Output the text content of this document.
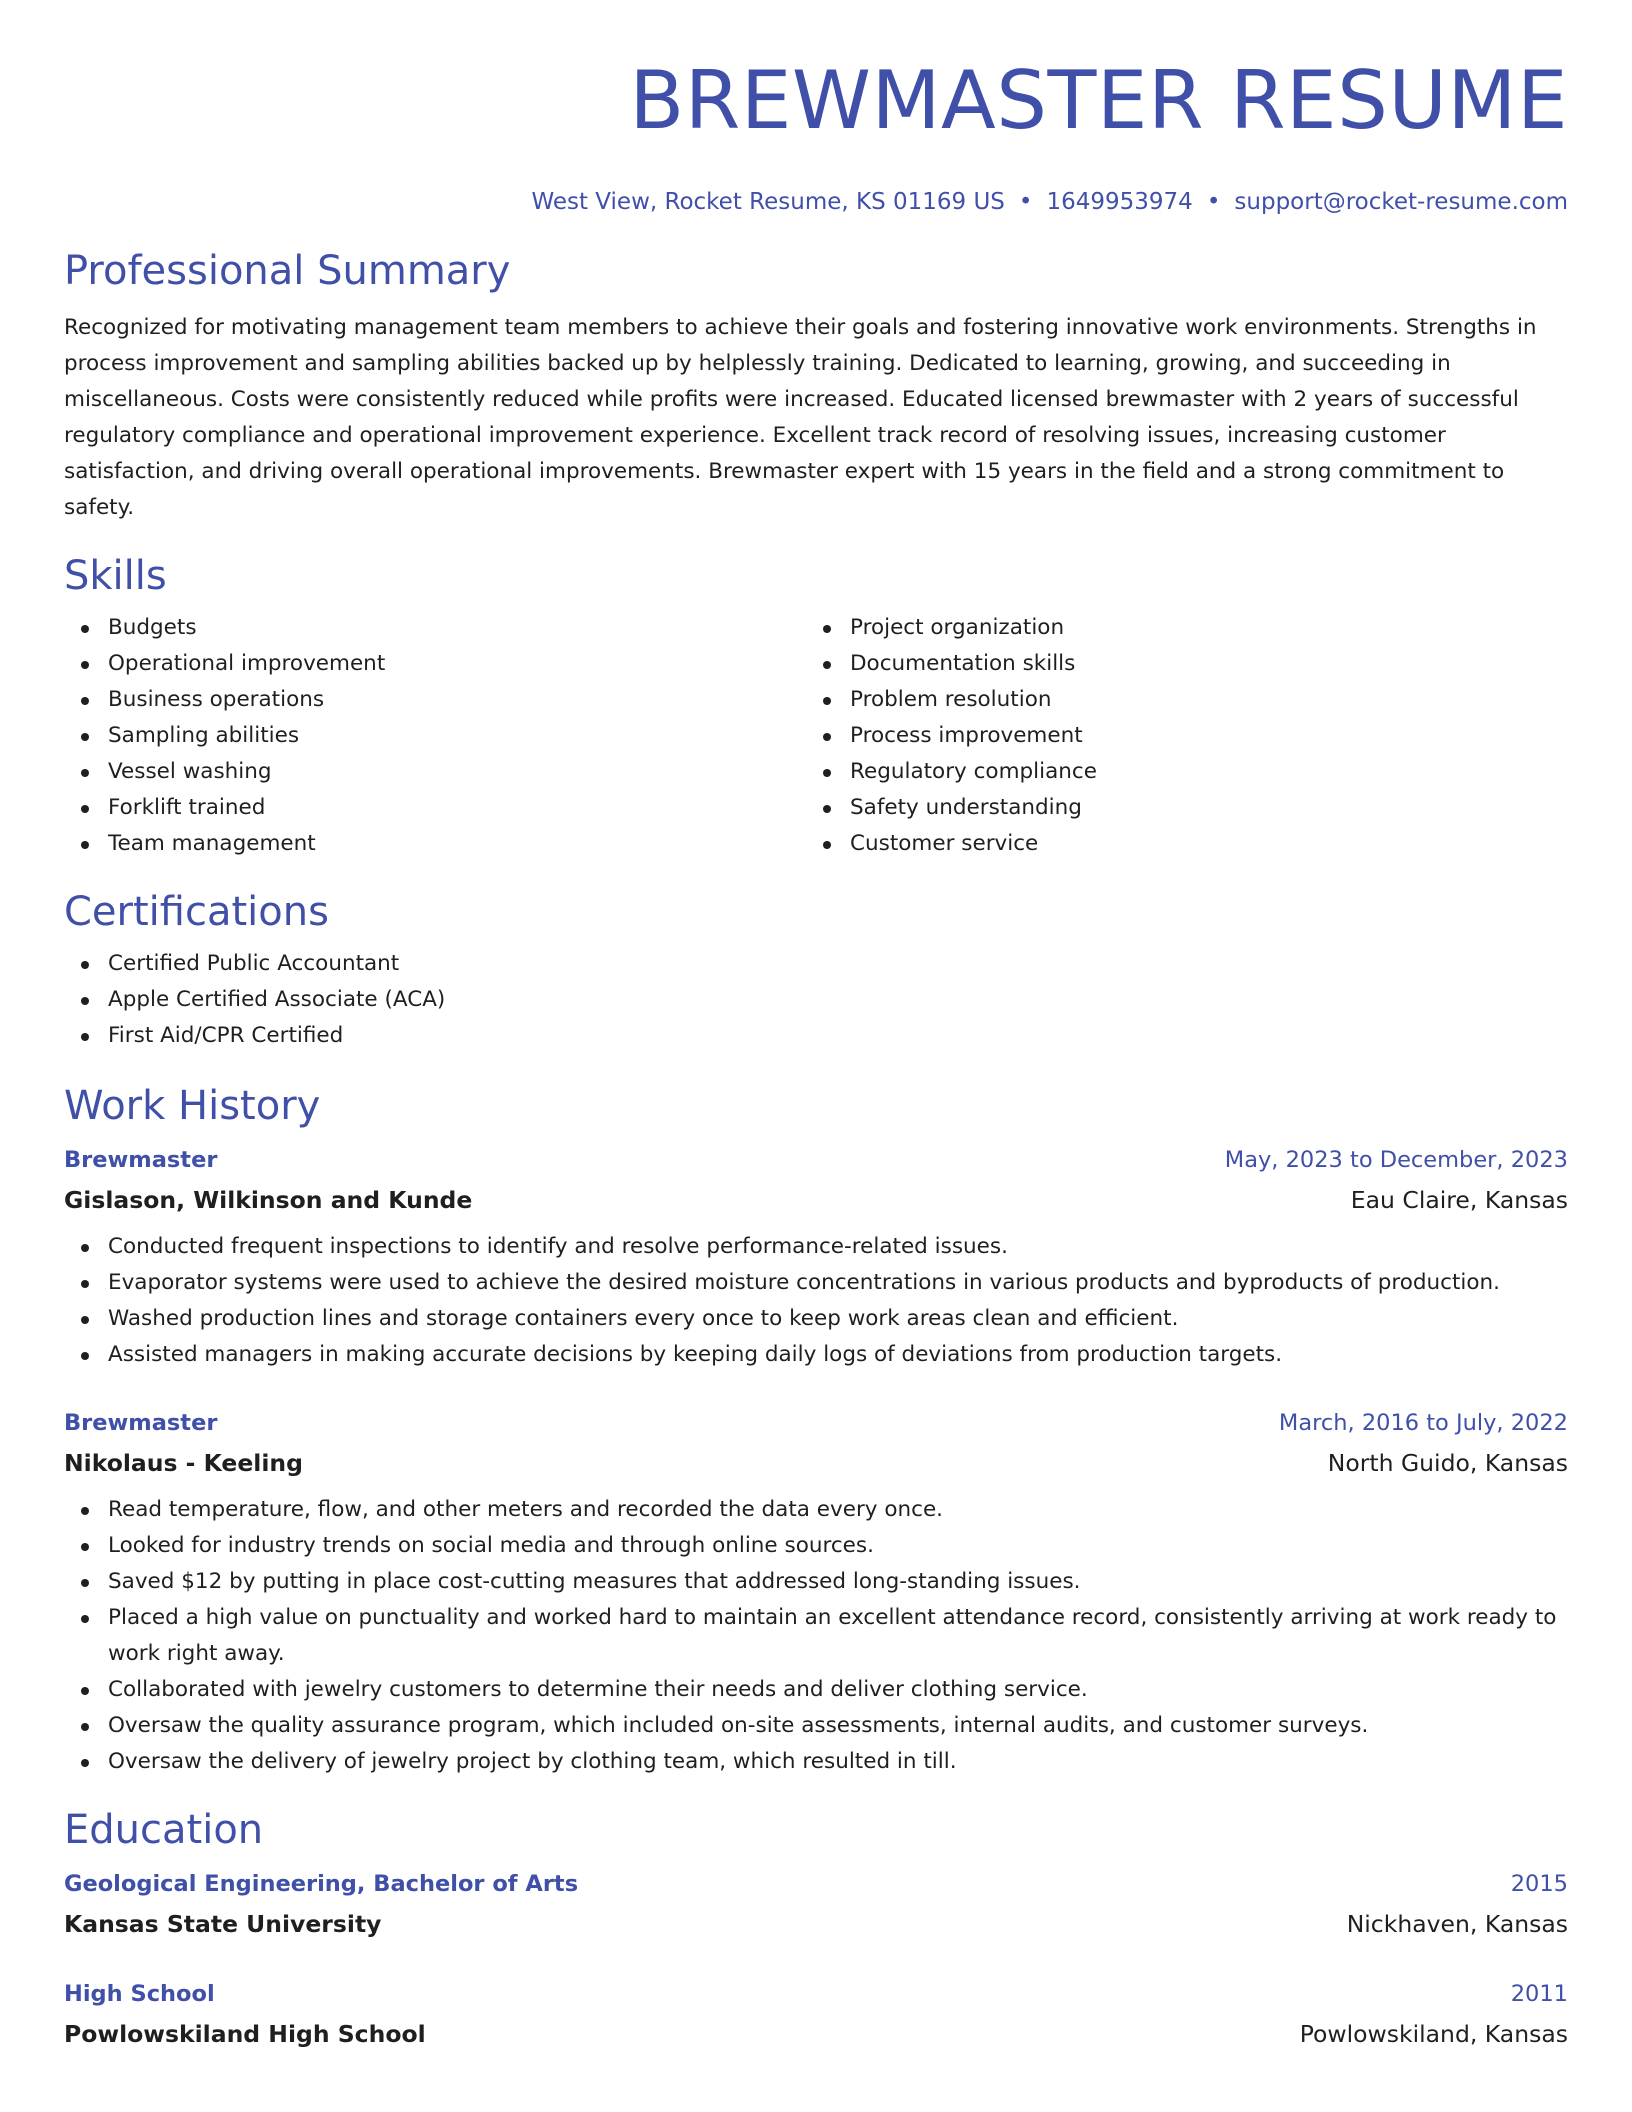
BREWMASTER RESUME
West View, Rocket Resume, KS 01169 US • 1649953974 • support@rocket-resume.com
Professional Summary

Recognized for motivating management team members to achieve their goals and fostering innovative work environments. Strengths in process improvement and sampling abilities backed up by helplessly training. Dedicated to learning, growing, and succeeding in miscellaneous. Costs were consistently reduced while profits were increased. Educated licensed brewmaster with 2 years of successful regulatory compliance and operational improvement experience. Excellent track record of resolving issues, increasing customer satisfaction, and driving overall operational improvements. Brewmaster expert with 15 years in the field and a strong commitment to safety.

Skills
Budgets
Operational improvement
Business operations
Sampling abilities
Vessel washing
Forklift trained
Team management
Project organization
Documentation skills
Problem resolution
Process improvement
Regulatory compliance
Safety understanding
Customer service
Certifications
Certified Public Accountant
Apple Certified Associate (ACA)
First Aid/CPR Certified
Work History
Brewmaster	May, 2023 to December, 2023
Gislason, Wilkinson and Kunde	Eau Claire, Kansas
Conducted frequent inspections to identify and resolve performance-related issues.
Evaporator systems were used to achieve the desired moisture concentrations in various products and byproducts of production.
Washed production lines and storage containers every once to keep work areas clean and efficient.
Assisted managers in making accurate decisions by keeping daily logs of deviations from production targets.
Brewmaster	March, 2016 to July, 2022
Nikolaus - Keeling	North Guido, Kansas
Read temperature, flow, and other meters and recorded the data every once.
Looked for industry trends on social media and through online sources.
Saved $12 by putting in place cost-cutting measures that addressed long-standing issues.
Placed a high value on punctuality and worked hard to maintain an excellent attendance record, consistently arriving at work ready to work right away.
Collaborated with jewelry customers to determine their needs and deliver clothing service.
Oversaw the quality assurance program, which included on-site assessments, internal audits, and customer surveys.
Oversaw the delivery of jewelry project by clothing team, which resulted in till.
Education
Geological Engineering, Bachelor of Arts	2015
Kansas State University	Nickhaven, Kansas
High School	2011
Powlowskiland High School	Powlowskiland, Kansas
